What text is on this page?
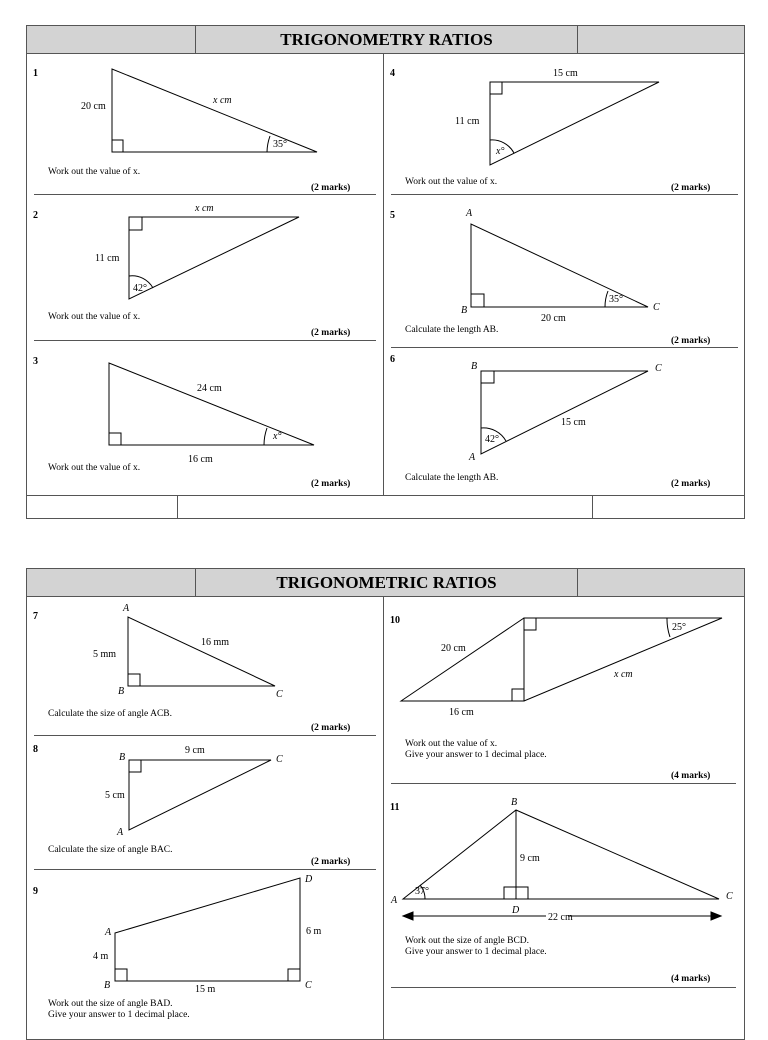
TRIGONOMETRY RATIOS
1
20 cm
x cm
35°
Work out the value of x.
(2 marks)
2
x cm
11 cm
42°
Work out the value of x.
(2 marks)
3
24 cm
16 cm
x°
Work out the value of x.
(2 marks)
4	15 cm
11 cm
x°
Work out the value of x.
(2 marks)
5	A
B	C
20 cm
35°
Calculate the length AB.
(2 marks)
6
B	C
A
15 cm
42°
Calculate the length AB.
(2 marks)
TRIGONOMETRIC RATIOS
7
A
B	C
5 mm
16 mm
Calculate the size of angle ACB.
(2 marks)
8
B	C
A
9 cm
5 cm
Calculate the size of angle BAC.
(2 marks)
9
A
B	C
D
4 m
6 m
15 m
Work out the size of angle BAD.
Give your answer to 1 decimal place.
10
20 cm
16 cm
x cm
25°
Work out the value of x.
Give your answer to 1 decimal place.
(4 marks)
11	B
A	C
D
9 cm
22 cm
37°
Work out the size of angle BCD.
Give your answer to 1 decimal place.
(4 marks)
